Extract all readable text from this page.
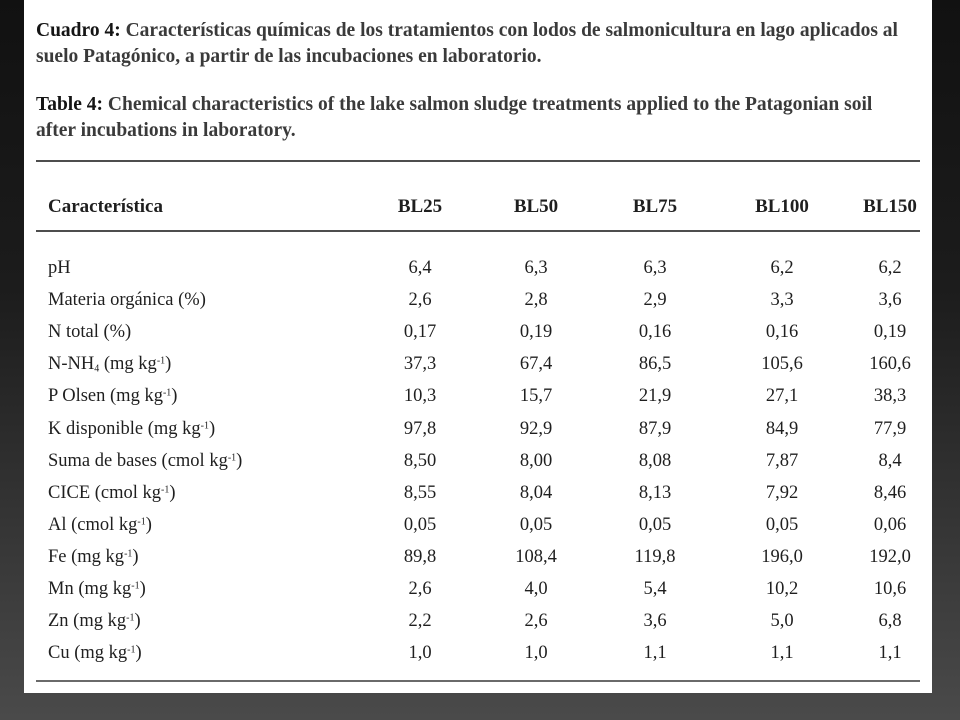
Cuadro 4: Características químicas de los tratamientos con lodos de salmonicultura en lago aplicados al suelo Patagónico, a partir de las incubaciones en laboratorio.
Table 4: Chemical characteristics of the lake salmon sludge treatments applied to the Patagonian soil after incubations in laboratory.
Característica	BL25	BL50	BL75	BL100	BL150
pH	6,4	6,3	6,3	6,2	6,2
Materia orgánica (%)	2,6	2,8	2,9	3,3	3,6
N total (%)	0,17	0,19	0,16	0,16	0,19
$N-NH_4$ (mg $kg^{-1}$)	37,3	67,4	86,5	105,6	160,6
P Olsen (mg $kg^{-1}$)	10,3	15,7	21,9	27,1	38,3
K disponible (mg $kg^{-1}$)	97,8	92,9	87,9	84,9	77,9
Suma de bases (cmol $kg^{-1}$)	8,50	8,00	8,08	7,87	8,4
CICE (cmol $kg^{-1}$)	8,55	8,04	8,13	7,92	8,46
Al (cmol $kg^{-1}$)	0,05	0,05	0,05	0,05	0,06
Fe (mg $kg^{-1}$)	89,8	108,4	119,8	196,0	192,0
Mn (mg $kg^{-1}$)	2,6	4,0	5,4	10,2	10,6
Zn (mg $kg^{-1}$)	2,2	2,6	3,6	5,0	6,8
Cu (mg $kg^{-1}$)	1,0	1,0	1,1	1,1	1,1
